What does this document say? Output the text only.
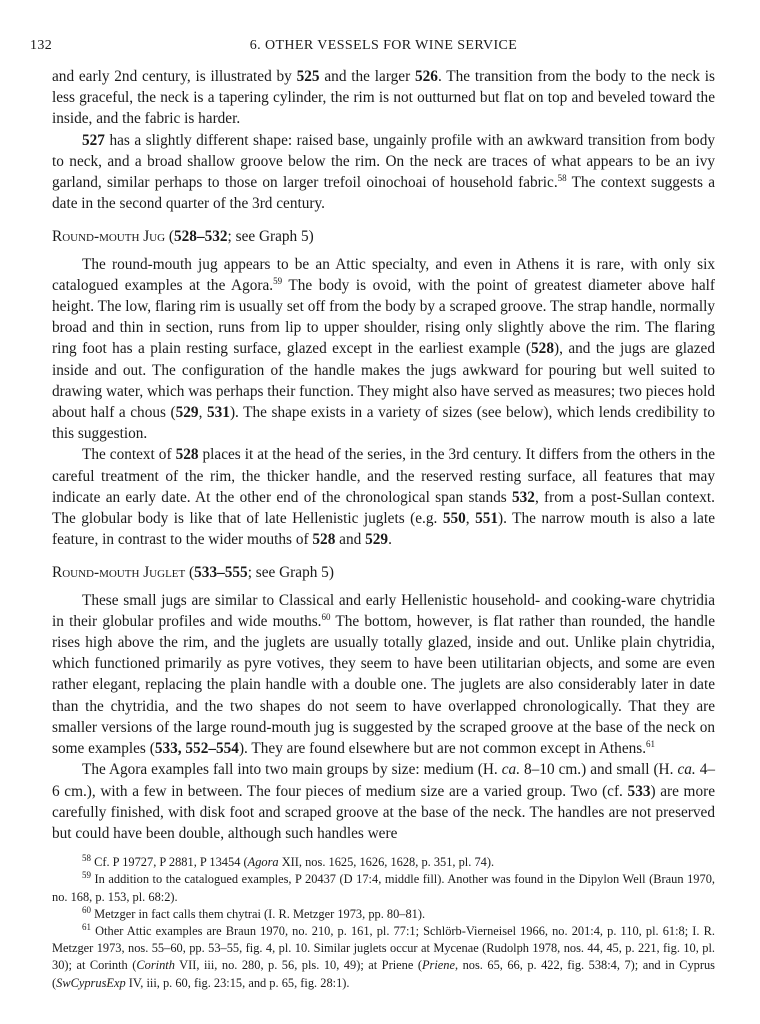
132	6. OTHER VESSELS FOR WINE SERVICE

and early 2nd century, is illustrated by 525 and the larger 526. The transition from the body to the neck is less graceful, the neck is a tapering cylinder, the rim is not outturned but flat on top and beveled toward the inside, and the fabric is harder.

527 has a slightly different shape: raised base, ungainly profile with an awkward transition from body to neck, and a broad shallow groove below the rim. On the neck are traces of what appears to be an ivy garland, similar perhaps to those on larger trefoil oinochoai of household fabric.$^{58}$ The context suggests a date in the second quarter of the 3rd century.

Round-mouth Jug (528–532; see Graph 5)

The round-mouth jug appears to be an Attic specialty, and even in Athens it is rare, with only six catalogued examples at the Agora.$^{59}$ The body is ovoid, with the point of greatest diameter above half height. The low, flaring rim is usually set off from the body by a scraped groove. The strap handle, normally broad and thin in section, runs from lip to upper shoulder, rising only slightly above the rim. The flaring ring foot has a plain resting surface, glazed except in the earliest example (528), and the jugs are glazed inside and out. The configuration of the handle makes the jugs awkward for pouring but well suited to drawing water, which was perhaps their function. They might also have served as measures; two pieces hold about half a chous (529, 531). The shape exists in a variety of sizes (see below), which lends credibility to this suggestion.

The context of 528 places it at the head of the series, in the 3rd century. It differs from the others in the careful treatment of the rim, the thicker handle, and the reserved resting surface, all features that may indicate an early date. At the other end of the chronological span stands 532, from a post-Sullan context. The globular body is like that of late Hellenistic juglets (e.g. 550, 551). The narrow mouth is also a late feature, in contrast to the wider mouths of 528 and 529.

Round-mouth Juglet (533–555; see Graph 5)

These small jugs are similar to Classical and early Hellenistic household- and cooking-ware chytridia in their globular profiles and wide mouths.$^{60}$ The bottom, however, is flat rather than rounded, the handle rises high above the rim, and the juglets are usually totally glazed, inside and out. Unlike plain chytridia, which functioned primarily as pyre votives, they seem to have been utilitarian objects, and some are even rather elegant, replacing the plain handle with a double one. The juglets are also considerably later in date than the chytridia, and the two shapes do not seem to have overlapped chronologically. That they are smaller versions of the large round-mouth jug is suggested by the scraped groove at the base of the neck on some examples (533, 552–554). They are found elsewhere but are not common except in Athens.$^{61}$

The Agora examples fall into two main groups by size: medium (H. ca. 8–10 cm.) and small (H. ca. 4–6 cm.), with a few in between. The four pieces of medium size are a varied group. Two (cf. 533) are more carefully finished, with disk foot and scraped groove at the base of the neck. The handles are not preserved but could have been double, although such handles were

$^{58}$ Cf. P 19727, P 2881, P 13454 (Agora XII, nos. 1625, 1626, 1628, p. 351, pl. 74).

$^{59}$ In addition to the catalogued examples, P 20437 (D 17:4, middle fill). Another was found in the Dipylon Well (Braun 1970, no. 168, p. 153, pl. 68:2).

$^{60}$ Metzger in fact calls them chytrai (I. R. Metzger 1973, pp. 80–81).

$^{61}$ Other Attic examples are Braun 1970, no. 210, p. 161, pl. 77:1; Schlörb-Vierneisel 1966, no. 201:4, p. 110, pl. 61:8; I. R. Metzger 1973, nos. 55–60, pp. 53–55, fig. 4, pl. 10. Similar juglets occur at Mycenae (Rudolph 1978, nos. 44, 45, p. 221, fig. 10, pl. 30); at Corinth (Corinth VII, iii, no. 280, p. 56, pls. 10, 49); at Priene (Priene, nos. 65, 66, p. 422, fig. 538:4, 7); and in Cyprus (SwCyprusExp IV, iii, p. 60, fig. 23:15, and p. 65, fig. 28:1).
